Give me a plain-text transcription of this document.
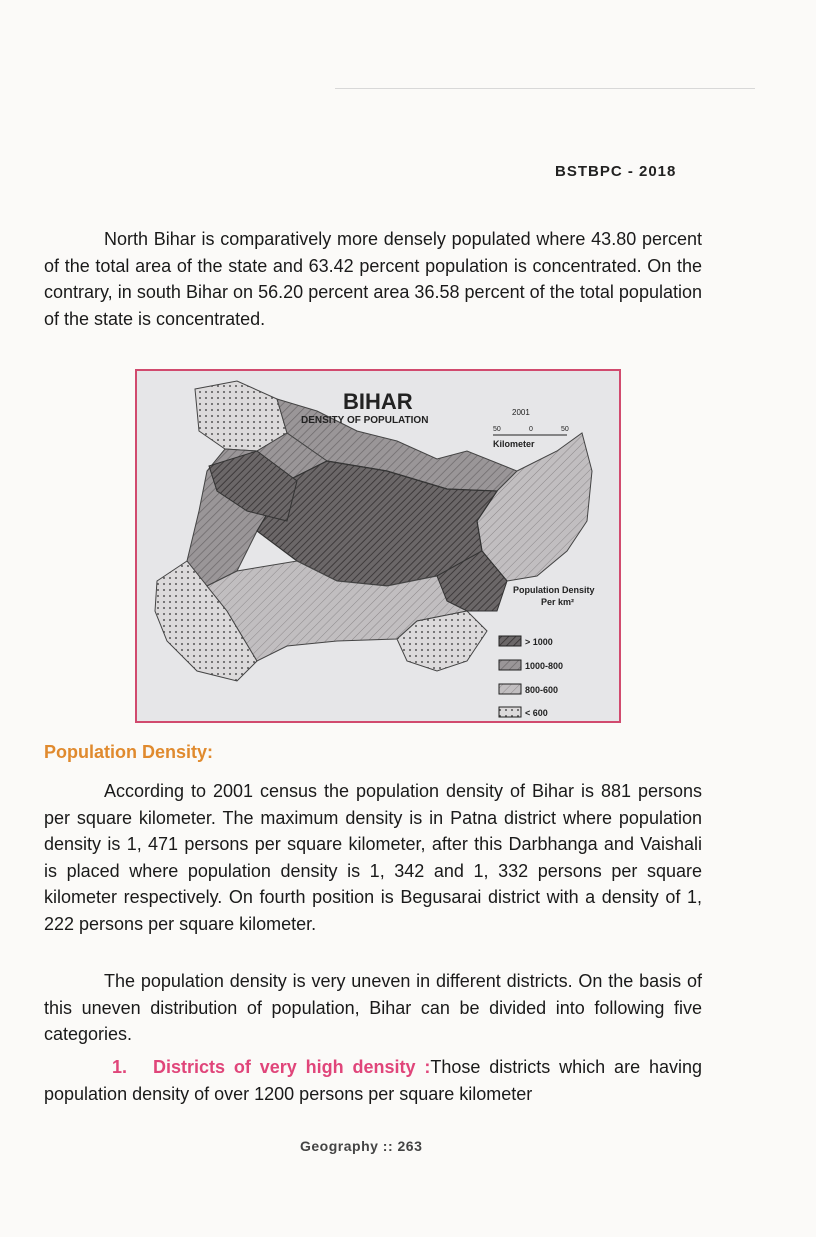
BSTBPC - 2018

North Bihar is comparatively more densely populated where 43.80 percent of the total area of the state and 63.42 percent population is concentrated. On the contrary, in south Bihar on 56.20 percent area 36.58 percent of the total population of the state is concentrated.

BIHAR
DENSITY OF POPULATION
2001
50	0	50
Kilometer
Population Density
Per km²
> 1000
1000-800
800-600
< 600
Population Density:

According to 2001 census the population density of Bihar is 881 persons per square kilometer. The maximum density is in Patna district where population density is 1, 471 persons per square kilometer, after this Darbhanga and Vaishali is placed where population density is 1, 342 and 1, 332 persons per square kilometer respectively. On fourth position is Begusarai district with a density of 1, 222 persons per square kilometer.

The population density is very uneven in different districts. On the basis of this uneven distribution of population, Bihar can be divided into following five categories.

1. Districts of very high density :Those districts which are having population density of over 1200 persons per square kilometer
Geography :: 263
